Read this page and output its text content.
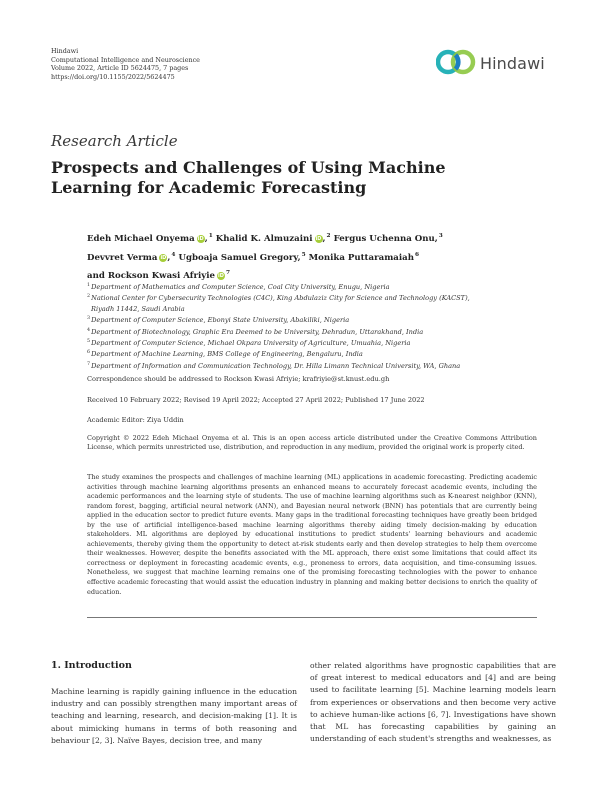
Hindawi
Computational Intelligence and Neuroscience
Volume 2022, Article ID 5624475, 7 pages
https://doi.org/10.1155/2022/5624475
Hindawi
Research Article
Prospects and Challenges of Using Machine Learning for Academic Forecasting
Edeh Michael Onyema iD,$^1$ Khalid K. Almuzaini iD,$^2$ Fergus Uchenna Onu,$^3$
Devvret Verma iD,$^4$ Ugboaja Samuel Gregory,$^5$ Monika Puttaramaiah$^6$
and Rockson Kwasi Afriyie iD $^7$
$^1$Department of Mathematics and Computer Science, Coal City University, Enugu, Nigeria
$^2$National Center for Cybersecurity Technologies (C4C), King Abdulaziz City for Science and Technology (KACST),
Riyadh 11442, Saudi Arabia
$^3$Department of Computer Science, Ebonyi State University, Abakiliki, Nigeria
$^4$Department of Biotechnology, Graphic Era Deemed to be University, Dehradun, Uttarakhand, India
$^5$Department of Computer Science, Michael Okpara University of Agriculture, Umuahia, Nigeria
$^6$Department of Machine Learning, BMS College of Engineering, Bengaluru, India
$^7$Department of Information and Communication Technology, Dr. Hilla Limann Technical University, WA, Ghana
Correspondence should be addressed to Rockson Kwasi Afriyie; krafriyie@st.knust.edu.gh
Received 10 February 2022; Revised 19 April 2022; Accepted 27 April 2022; Published 17 June 2022
Academic Editor: Ziya Uddin
Copyright © 2022 Edeh Michael Onyema et al. This is an open access article distributed under the Creative Commons Attribution License, which permits unrestricted use, distribution, and reproduction in any medium, provided the original work is properly cited.
The study examines the prospects and challenges of machine learning (ML) applications in academic forecasting. Predicting academic activities through machine learning algorithms presents an enhanced means to accurately forecast academic events, including the academic performances and the learning style of students. The use of machine learning algorithms such as K-nearest neighbor (KNN), random forest, bagging, artificial neural network (ANN), and Bayesian neural network (BNN) has potentials that are currently being applied in the education sector to predict future events. Many gaps in the traditional forecasting techniques have greatly been bridged by the use of artificial intelligence-based machine learning algorithms thereby aiding timely decision-making by education stakeholders. ML algorithms are deployed by educational institutions to predict students' learning behaviours and academic achievements, thereby giving them the opportunity to detect at-risk students early and then develop strategies to help them overcome their weaknesses. However, despite the benefits associated with the ML approach, there exist some limitations that could affect its correctness or deployment in forecasting academic events, e.g., proneness to errors, data acquisition, and time-consuming issues. Nonetheless, we suggest that machine learning remains one of the promising forecasting technologies with the power to enhance effective academic forecasting that would assist the education industry in planning and making better decisions to enrich the quality of education.
1. Introduction
Machine learning is rapidly gaining influence in the education industry and can possibly strengthen many important areas of teaching and learning, research, and decision-making [1]. It is about mimicking humans in terms of both reasoning and behaviour [2, 3]. Naïve Bayes, decision tree, and many
other related algorithms have prognostic capabilities that are of great interest to medical educators and [4] and are being used to facilitate learning [5]. Machine learning models learn from experiences or observations and then become very active to achieve human-like actions [6, 7]. Investigations have shown that ML has forecasting capabilities by gaining an understanding of each student's strengths and weaknesses, as
